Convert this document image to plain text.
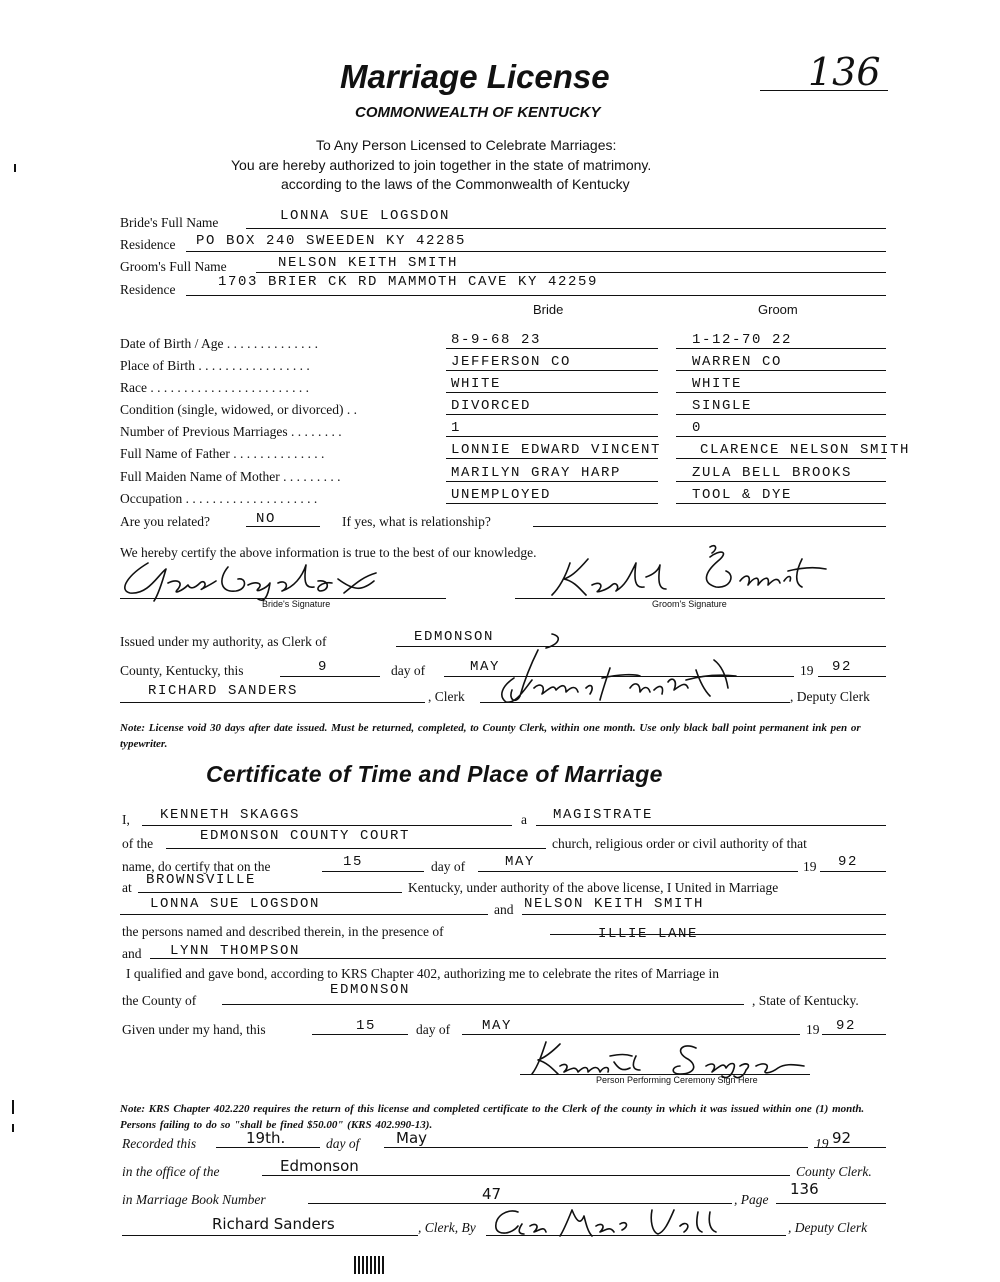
Marriage License
COMMONWEALTH OF KENTUCKY
136
To Any Person Licensed to Celebrate Marriages:
You are hereby authorized to join together in the state of matrimony.
according to the laws of the Commonwealth of Kentucky
Bride's Full Name	LONNA SUE LOGSDON
Residence PO BOX 240 SWEEDEN KY 42285
Groom's Full Name	NELSON KEITH SMITH
Residence	1703 BRIER CK RD MAMMOTH CAVE KY 42259
Bride	Groom
Date of Birth / Age . . . . . . . . . . . . . .	8-9-68 23	1-12-70 22
Place of Birth . . . . . . . . . . . . . . . . .	JEFFERSON CO	WARREN CO
Race . . . . . . . . . . . . . . . . . . . . . . . .	WHITE	WHITE
Condition (single, widowed, or divorced) . .	DIVORCED	SINGLE
Number of Previous Marriages . . . . . . . .	1	0
Full Name of Father . . . . . . . . . . . . . .	LONNIE EDWARD VINCENT	CLARENCE NELSON SMITH
Full Maiden Name of Mother . . . . . . . . .	MARILYN GRAY HARP	ZULA BELL BROOKS
Occupation . . . . . . . . . . . . . . . . . . . .	UNEMPLOYED	TOOL & DYE
Are you related?	NO	If yes, what is relationship?
We hereby certify the above information is true to the best of our knowledge.
Bride's Signature	Groom's Signature
Issued under my authority, as Clerk of	EDMONSON
County, Kentucky, this	9	day of	MAY	19 92
RICHARD SANDERS	, Clerk	, Deputy Clerk
Note: License void 30 days after date issued. Must be returned, completed, to County Clerk, within one month. Use only black ball point permanent ink pen or typewriter.
Certificate of Time and Place of Marriage
I, KENNETH SKAGGS	a MAGISTRATE
of the	EDMONSON COUNTY COURT	church, religious order or civil authority of that
name, do certify that on the	15	day of	MAY	19 92
at BROWNSVILLE	Kentucky, under authority of the above license, I United in Marriage
LONNA SUE LOGSDON	and NELSON KEITH SMITH
the persons named and described therein, in the presence of	ILLIE LANE
and LYNN THOMPSON
I qualified and gave bond, according to KRS Chapter 402, authorizing me to celebrate the rites of Marriage in
the County of
EDMONSON
, State of Kentucky.
Given under my hand, this	15	day of MAY	19 92
Person Performing Ceremony Sign Here
Note: KRS Chapter 402.220 requires the return of this license and completed certificate to the Clerk of the county in which it was issued within one (1) month. Persons failing to do so "shall be fined $50.00" (KRS 402.990-13).
Recorded this	19th.	day of May	19 92
in the office of the	Edmonson	County Clerk.
in Marriage Book Number	47	, Page
136
Richard Sanders	, Clerk, By	, Deputy Clerk
